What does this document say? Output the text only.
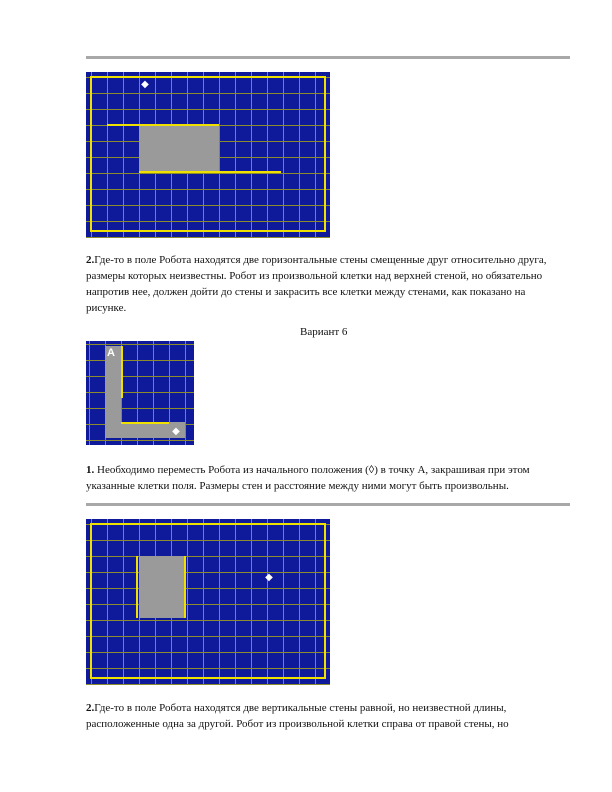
◆
2.Где-то в поле Робота находятся две горизонтальные стены смещенные друг относительно друга, размеры которых неизвестны. Робот из произвольной клетки над верхней стеной, но обязательно напротив нее, должен дойти до стены и закрасить все клетки между стенами, как показано на рисунке.
Вариант 6
A
◆
1. Необходимо переместь Робота из начального положения (◊) в точку А, закрашивая при этом указанные клетки поля. Размеры стен и расстояние между ними могут быть произвольны.
◆
2.Где-то в поле Робота находятся две вертикальные стены равной, но неизвестной длины, расположенные одна за другой. Робот из произвольной клетки справа от правой стены, но
